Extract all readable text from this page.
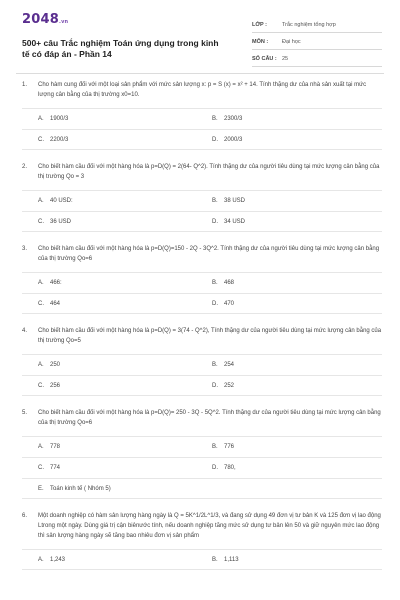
2048.vn
500+ câu Trắc nghiệm Toán ứng dụng trong kinh tế có đáp án - Phần 14
LỚP :	Trắc nghiệm tổng hợp
MÔN :	Đại học
SỐ CÂU : 25
1. Cho hàm cung đối với một loại sản phẩm với mức sản lượng x: p = S (x) = x² + 14. Tính thặng dư của nhà sản xuất tại mức lượng cân bằng của thị trường x0=10.
A. 1900/3	B. 2300/3
C. 2200/3	D. 2000/3
2. Cho biết hàm cầu đối với một hàng hóa là p=D(Q) = 2(64- Q^2). Tính thặng dư của người tiêu dùng tại mức lượng cân bằng của thị trường Qo = 3
A. 40 USD:	B. 38 USD
C. 36 USD	D. 34 USD
3. Cho biết hàm cầu đối với một hàng hóa là p=D(Q)=150 - 2Q - 3Q^2. Tính thặng dư của người tiêu dùng tại mức lượng cân bằng của thị trường Qo=6
A. 466:	B. 468
C. 464	D. 470
4. Cho biết hàm cầu đối với một hàng hóa là p=D(Q) = 3(74 - Q^2), Tính thặng dư của người tiêu dùng tại mức lượng cân bằng của thị trường Qo=5
A. 250	B. 254
C. 256	D. 252
5. Cho biết hàm cầu đối với một hàng hóa là p=D(Q)= 250 - 3Q - 5Q^2. Tính thặng dư của người tiêu dùng tại mức lượng cân bằng của thị trường Qo=6
A. 778	B. 776
C. 774	D. 780,
E. Toán kinh tế ( Nhóm 5)
6. Một doanh nghiệp có hàm sản lượng hàng ngày là Q = 5K^1/2L^1/3, và đang sử dụng 49 đơn vị tư bản K và 125 đơn vị lao động Ltrong một ngày. Dùng giá trị cận biênước tính, nếu doanh nghiệp tăng mức sử dụng tư bản lên 50 và giữ nguyên mức lao động thì sản lượng hàng ngày sẽ tăng bao nhiêu đơn vị sản phẩm
A. 1,243	B. 1,113
